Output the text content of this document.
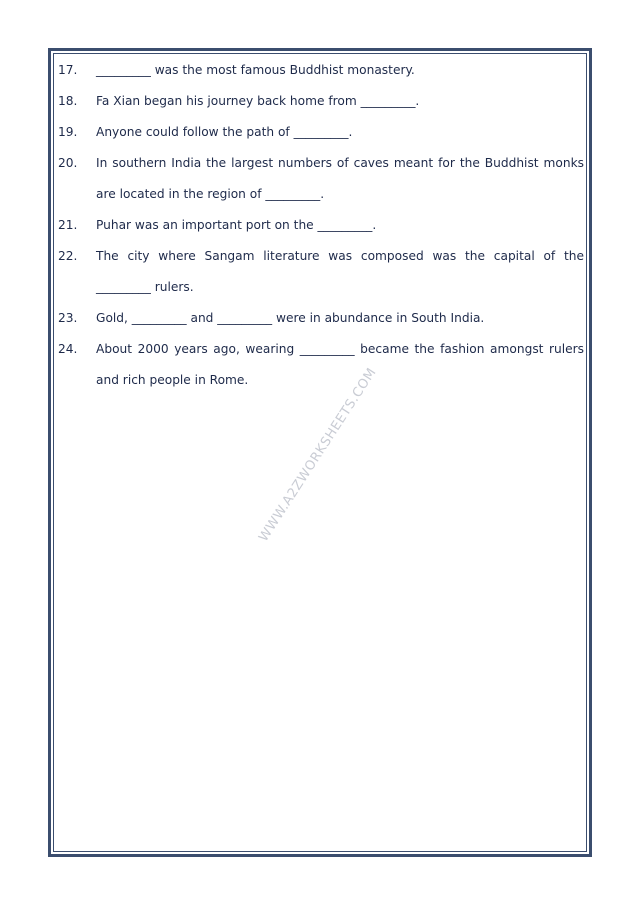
17.	_________ was the most famous Buddhist monastery.
18.	Fa Xian began his journey back home from _________.
19.	Anyone could follow the path of _________.
20.	In southern India the largest numbers of caves meant for the Buddhist monks are located in the region of _________.
21.	Puhar was an important port on the _________.
22.	The city where Sangam literature was composed was the capital of the _________ rulers.
23.	Gold, _________ and _________ were in abundance in South India.
24.	About 2000 years ago, wearing _________ became the fashion amongst rulers and rich people in Rome. WWW.A2ZWORKSHEETS.COM
